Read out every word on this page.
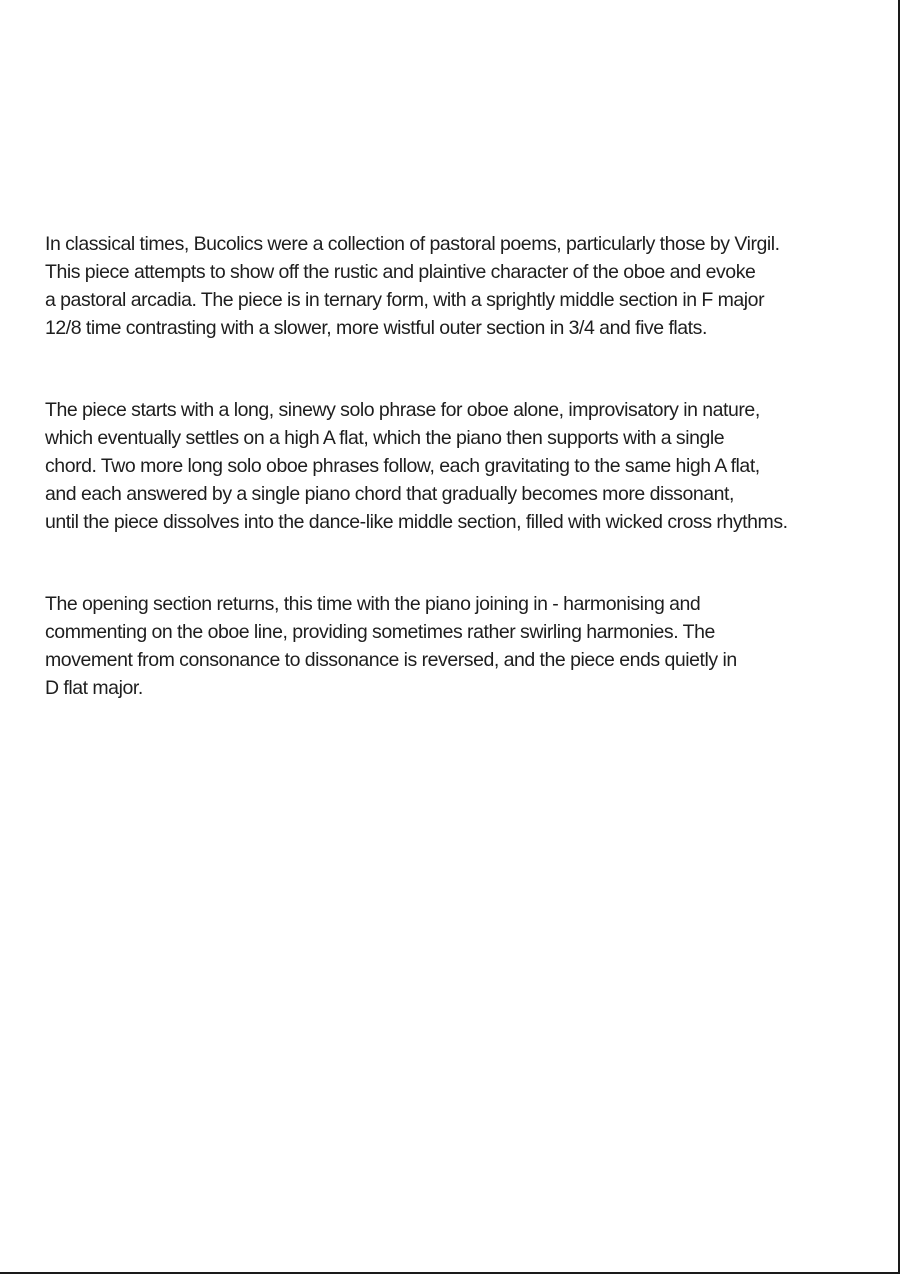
In classical times, Bucolics were a collection of pastoral poems, particularly those by Virgil.
This piece attempts to show off the rustic and plaintive character of the oboe and evoke
a pastoral arcadia. The piece is in ternary form, with a sprightly middle section in F major
12/8 time contrasting with a slower, more wistful outer section in 3/4 and five flats.

The piece starts with a long, sinewy solo phrase for oboe alone, improvisatory in nature,
which eventually settles on a high A flat, which the piano then supports with a single
chord. Two more long solo oboe phrases follow, each gravitating to the same high A flat,
and each answered by a single piano chord that gradually becomes more dissonant,
until the piece dissolves into the dance-like middle section, filled with wicked cross rhythms.

The opening section returns, this time with the piano joining in - harmonising and
commenting on the oboe line, providing sometimes rather swirling harmonies. The
movement from consonance to dissonance is reversed, and the piece ends quietly in
D flat major.
